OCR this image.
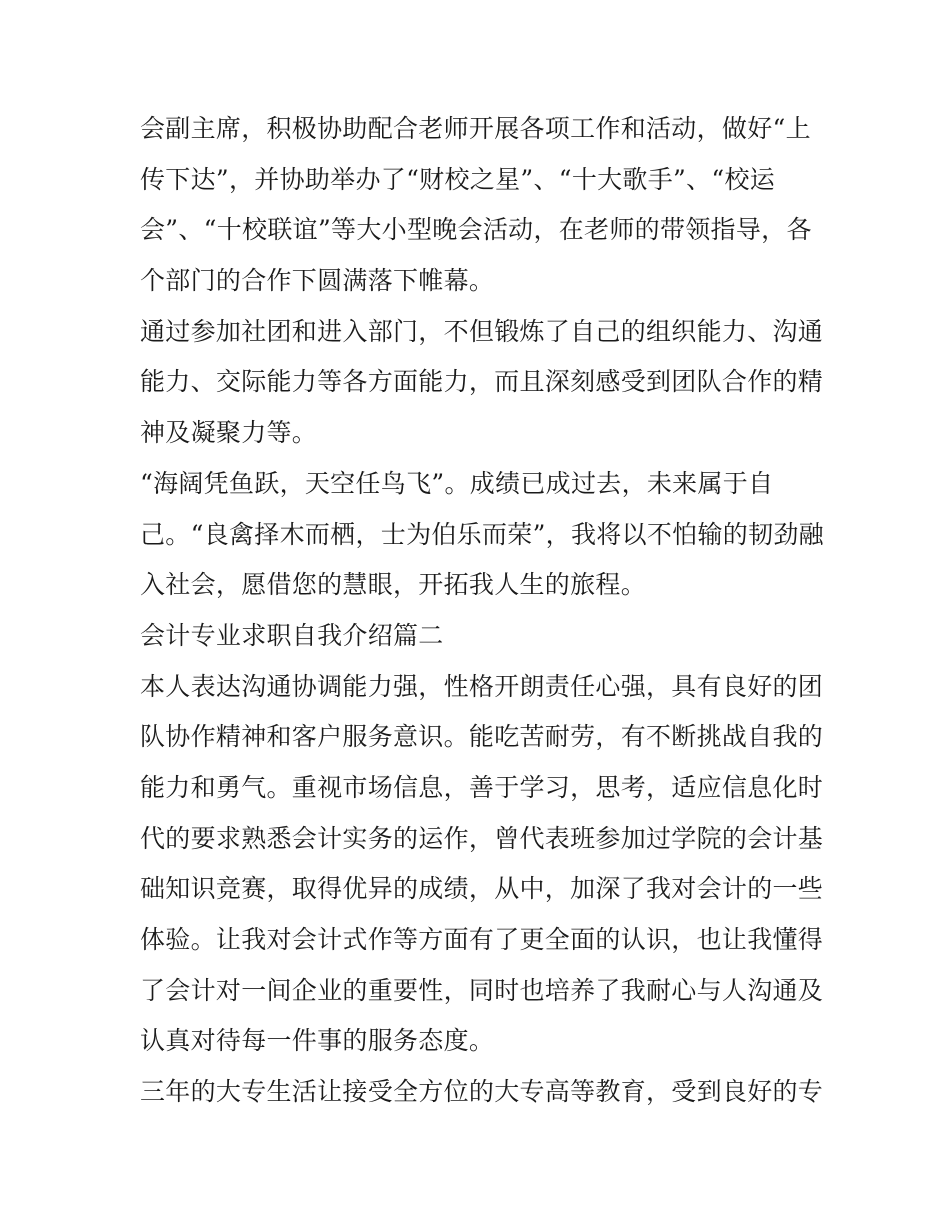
会副主席，积极协助配合老师开展各项工作和活动，做好“上
传下达”，并协助举办了“财校之星”、“十大歌手”、“校运
会”、“十校联谊”等大小型晚会活动，在老师的带领指导，各
个部门的合作下圆满落下帷幕。
通过参加社团和进入部门，不但锻炼了自己的组织能力、沟通
能力、交际能力等各方面能力，而且深刻感受到团队合作的精
神及凝聚力等。
“海阔凭鱼跃，天空任鸟飞”。成绩已成过去，未来属于自
己。“良禽择木而栖，士为伯乐而荣”，我将以不怕输的韧劲融
入社会，愿借您的慧眼，开拓我人生的旅程。
会计专业求职自我介绍篇二
本人表达沟通协调能力强，性格开朗责任心强，具有良好的团
队协作精神和客户服务意识。能吃苦耐劳，有不断挑战自我的
能力和勇气。重视市场信息，善于学习，思考，适应信息化时
代的要求熟悉会计实务的运作，曾代表班参加过学院的会计基
础知识竞赛，取得优异的成绩，从中，加深了我对会计的一些
体验。让我对会计式作等方面有了更全面的认识，也让我懂得
了会计对一间企业的重要性，同时也培养了我耐心与人沟通及
认真对待每一件事的服务态度。
三年的大专生活让接受全方位的大专高等教育，受到良好的专
